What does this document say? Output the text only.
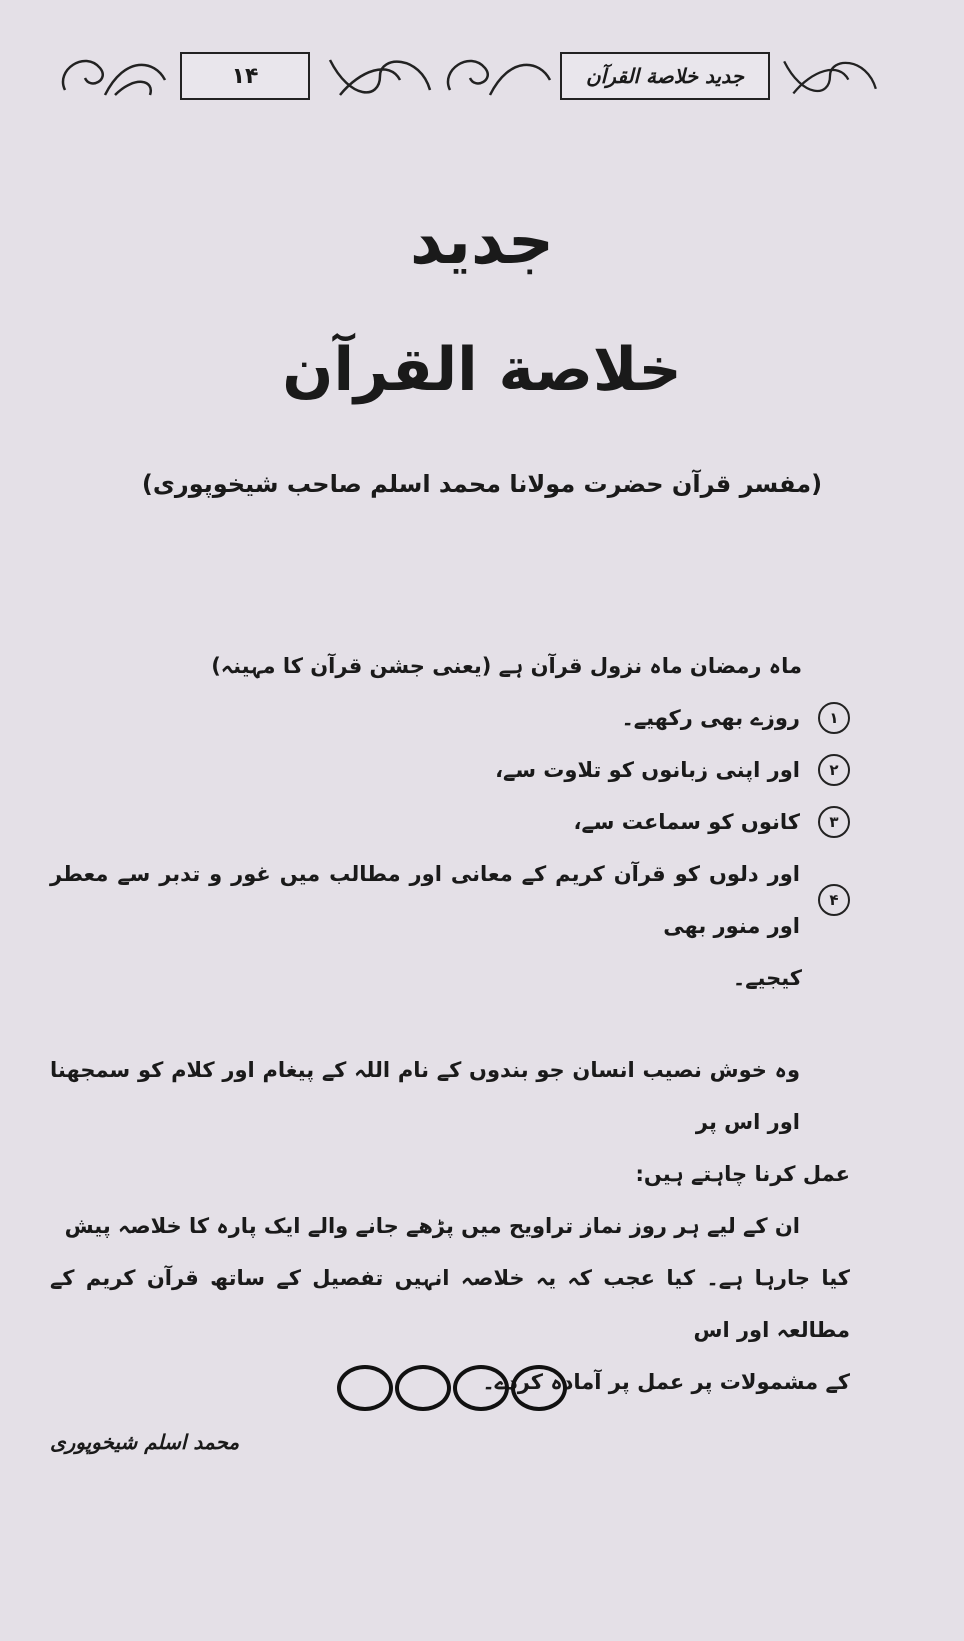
۱۴	جدید خلاصة القرآن
جدید
خلاصة القرآن
(مفسر قرآن حضرت مولانا محمد اسلم صاحب شیخوپوری)
ماہ رمضان ماہ نزول قرآن ہے (یعنی جشن قرآن کا مہینہ)
۱
روزے بھی رکھیے۔
۲
اور اپنی زبانوں کو تلاوت سے،
۳
کانوں کو سماعت سے،
۴
اور دلوں کو قرآن کریم کے معانی اور مطالب میں غور و تدبر سے معطر اور منور بھی
کیجیے۔
وہ خوش نصیب انسان جو بندوں کے نام اللہ کے پیغام اور کلام کو سمجھنا اور اس پر
عمل کرنا چاہتے ہیں:
ان کے لیے ہر روز نماز تراویح میں پڑھے جانے والے ایک پارہ کا خلاصہ پیش
کیا جارہا ہے۔ کیا عجب کہ یہ خلاصہ انہیں تفصیل کے ساتھ قرآن کریم کے مطالعہ اور اس
کے مشمولات پر عمل پر آمادہ کردے۔
محمد اسلم شیخوپوری
